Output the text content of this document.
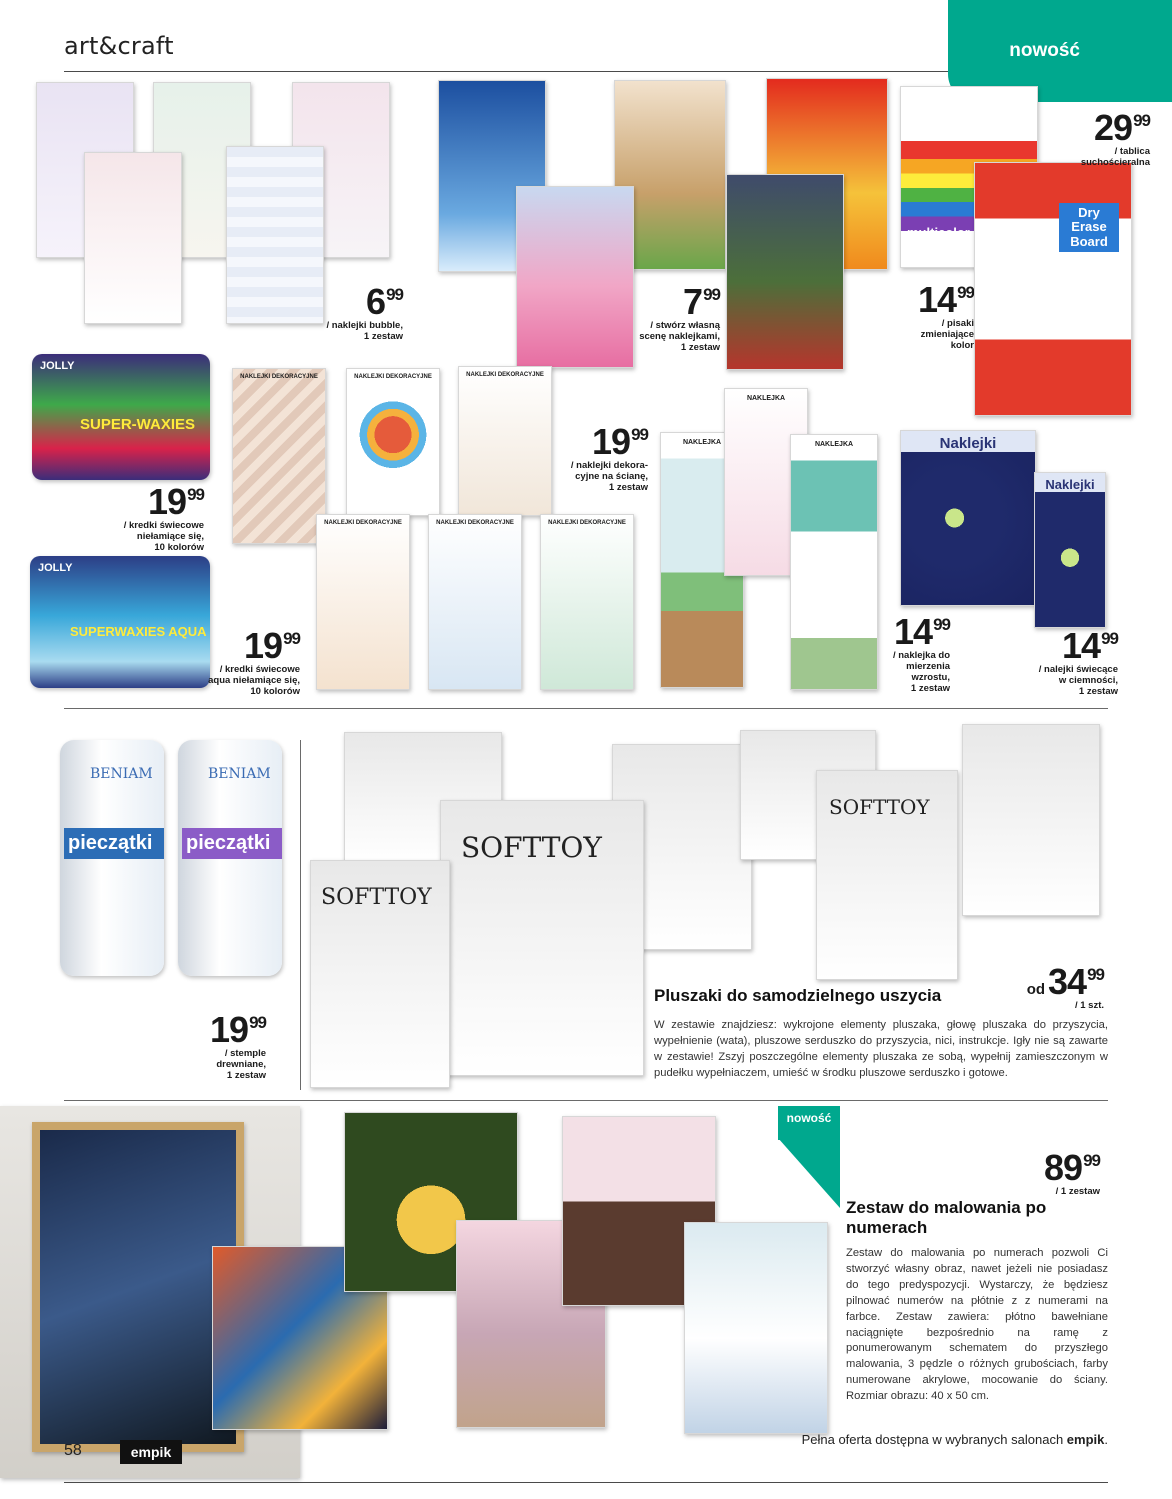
art&craft	nowość
$6^{99}$
/ naklejki bubble,
1 zestaw
$7^{99}$
/ stwórz własną
scenę naklejkami,
1 zestaw
multicolor
$14^{99}$
/ pisaki
zmieniające
kolor
Dry Erase Board
$29^{99}$
/ tablica
suchościeralna
JOLLY
SUPER-WAXIES
$19^{99}$
/ kredki świecowe
niełamiące się,
10 kolorów
JOLLY
SUPERWAXIES AQUA	$19^{99}$
/ kredki świecowe
aqua niełamiące się,
10 kolorów
NAKLEJKI DEKORACYJNE	NAKLEJKI DEKORACYJNE	NAKLEJKI DEKORACYJNE
NAKLEJKI DEKORACYJNE	NAKLEJKI DEKORACYJNE	NAKLEJKI DEKORACYJNE
$19^{99}$
/ naklejki dekora-
cyjne na ścianę,
1 zestaw
NAKLEJKA
NAKLEJKA
NAKLEJKA
$14^{99}$
/ naklejka do
mierzenia
wzrostu,
1 zestaw
Naklejki
Naklejki
$14^{99}$
/ nalejki świecące
w ciemności,
1 zestaw
BENIAM
pieczątki
BENIAM
pieczątki
$19^{99}$
/ stemple
drewniane,
1 zestaw
SOFTTOY
SOFTTOY
SOFTTOY
Pluszaki do samodzielnego uszycia	$od34^{99}$
/ 1 szt.
W zestawie znajdziesz: wykrojone elementy pluszaka, głowę pluszaka do przyszycia, wypełnienie (wata), pluszowe serduszko do przyszycia, nici, instrukcje. Igły nie są zawarte w zestawie! Zszyj poszczególne elementy pluszaka ze sobą, wypełnij zamieszczonym w pudełku wypełniaczem, umieść w środku pluszowe serduszko i gotowe.
nowość
$89^{99}$
/ 1 zestaw
Zestaw do malowania po numerach
Zestaw do malowania po numerach pozwoli Ci stworzyć własny obraz, nawet jeżeli nie posiadasz do tego predyspozycji. Wystarczy, że będziesz pilnować numerów na płótnie z z numerami na farbce. Zestaw zawiera: płótno bawełniane naciągnięte bezpośrednio na ramę z ponumerowanym schematem do przyszłego malowania, 3 pędzle o różnych grubościach, farby numerowane akrylowe, mocowanie do ściany. Rozmiar obrazu: 40 x 50 cm.
58	empik
Pełna oferta dostępna w wybranych salonach empik.
